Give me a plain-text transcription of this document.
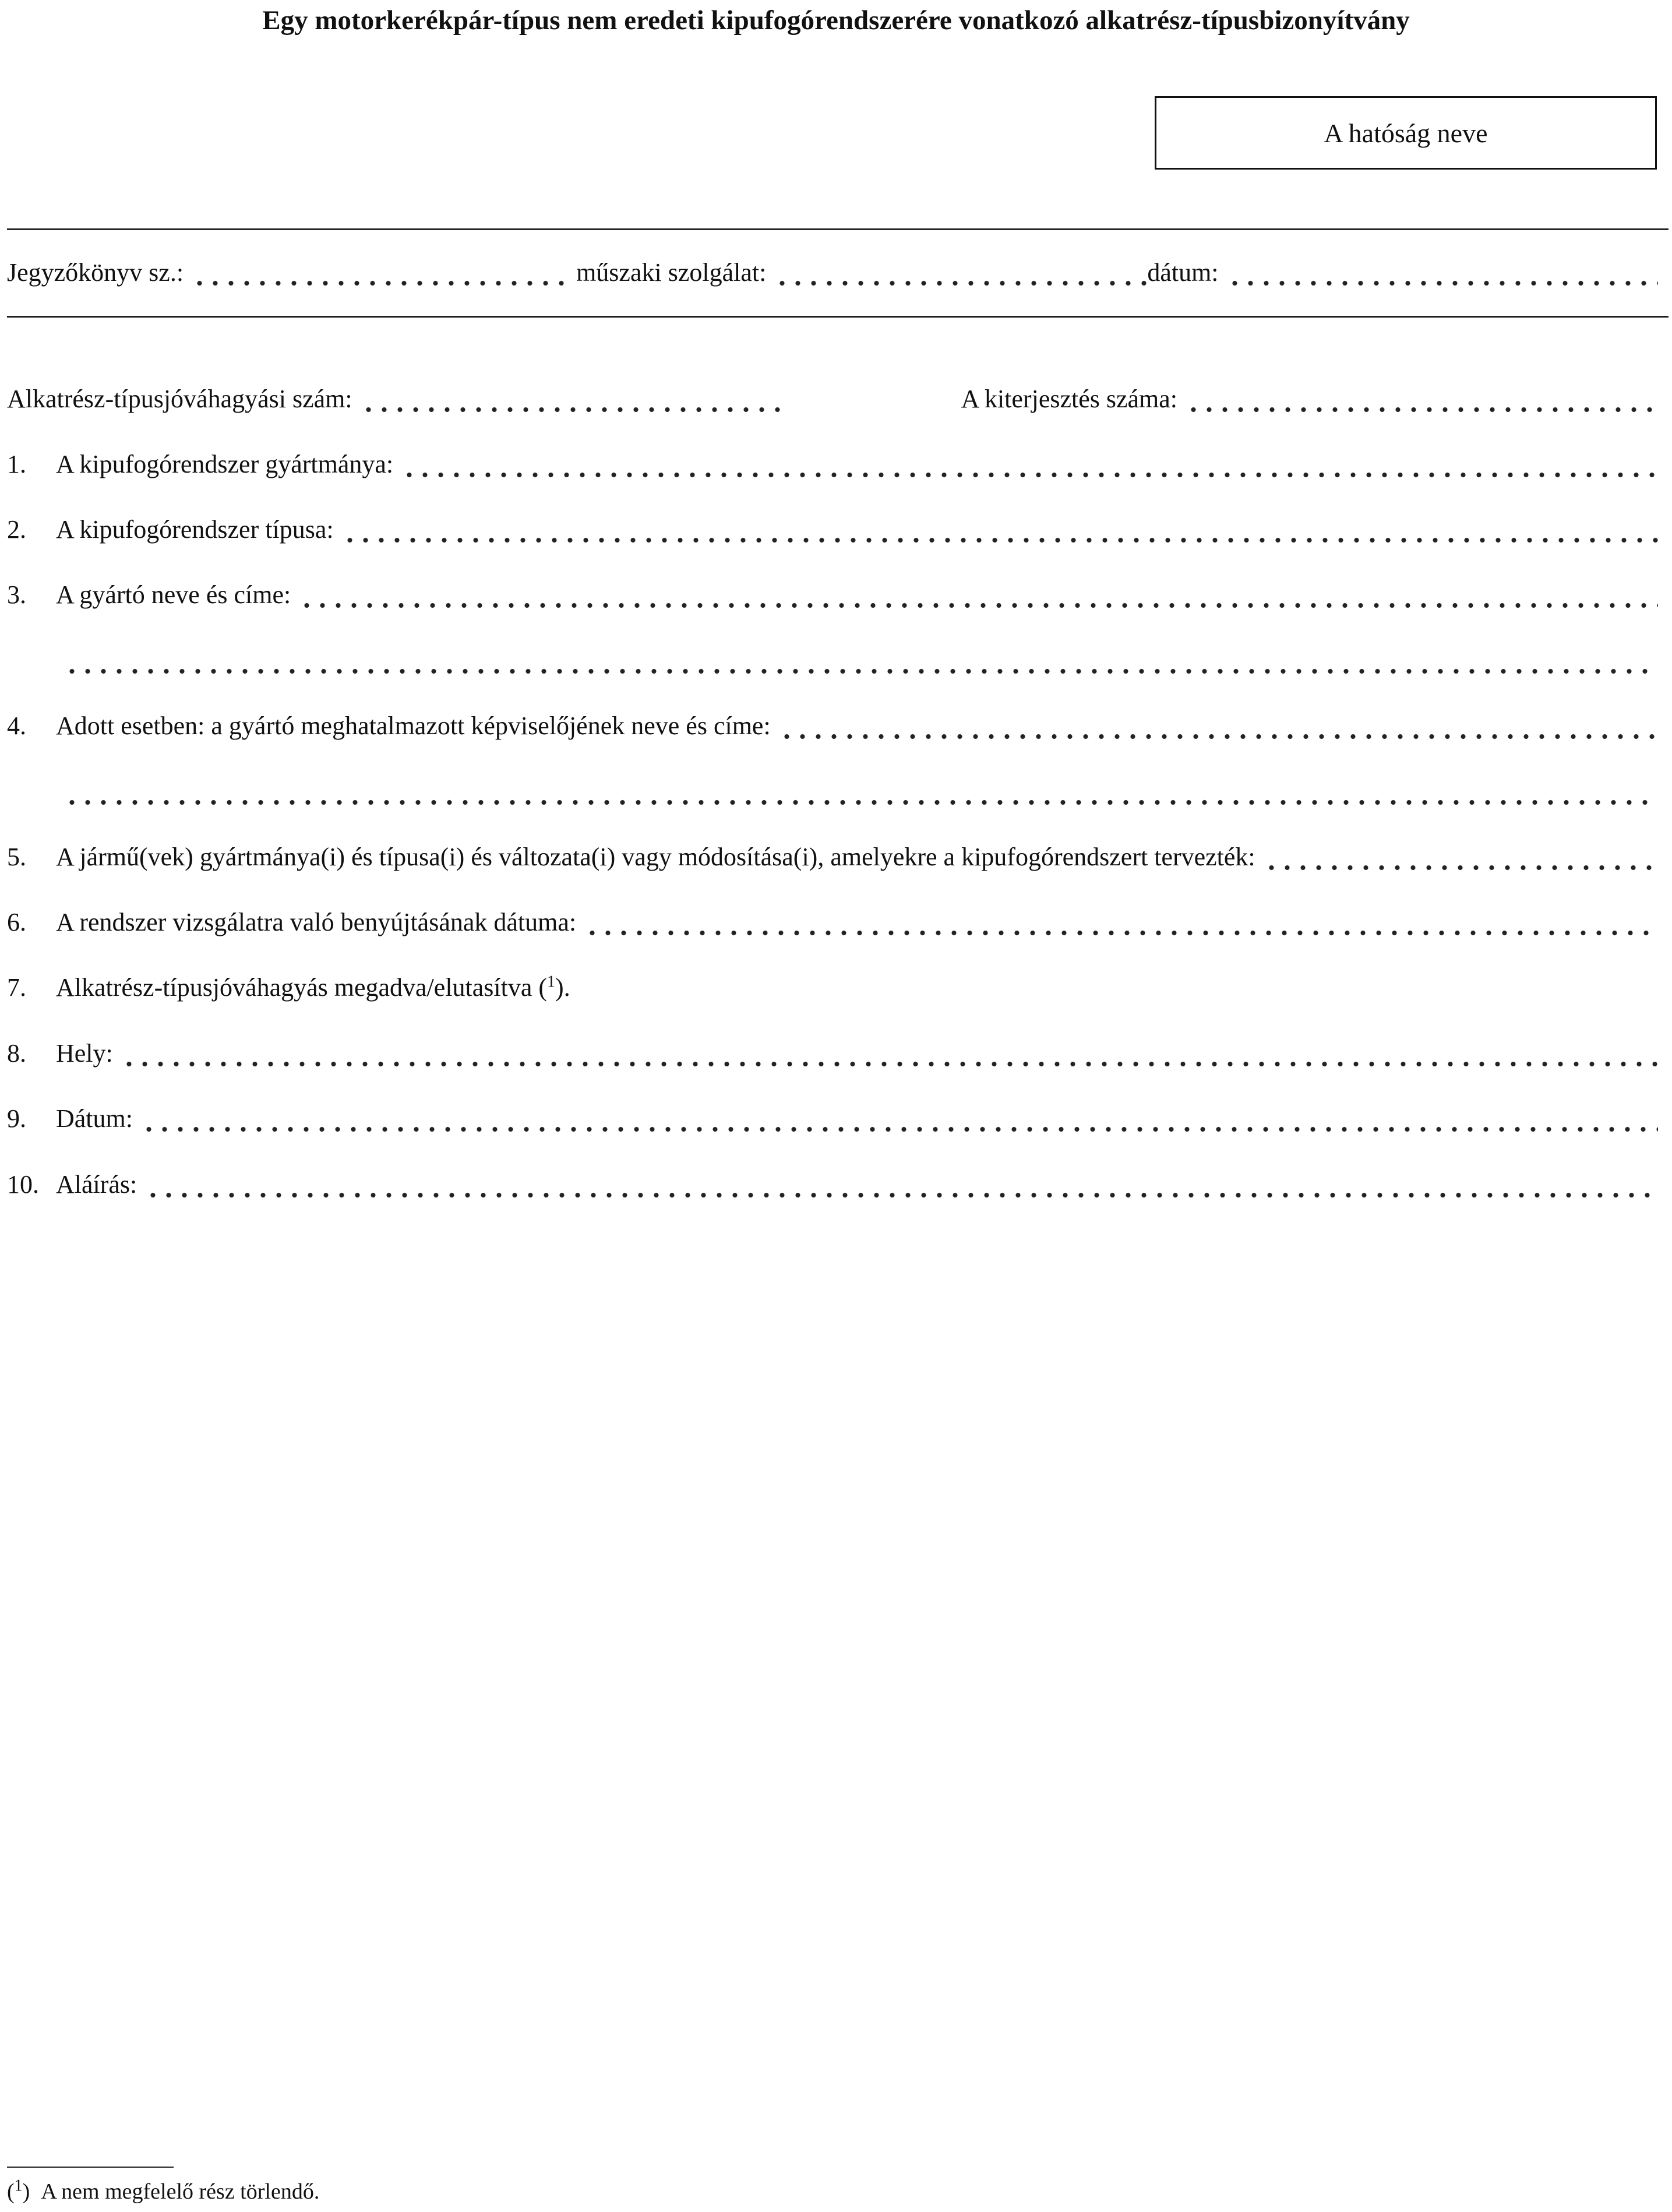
Egy motorkerékpár-típus nem eredeti kipufogórendszerére vonatkozó alkatrész-típusbizonyítvány
A hatóság neve
Jegyzőkönyv sz.:	műszaki szolgálat:	dátum:
Alkatrész-típusjóváhagyási szám:	A kiterjesztés száma:
1.	A kipufogórendszer gyártmánya:
2.	A kipufogórendszer típusa:
3.	A gyártó neve és címe:
4.	Adott esetben: a gyártó meghatalmazott képviselőjének neve és címe:
5.	A jármű(vek) gyártmánya(i) és típusa(i) és változata(i) vagy módosítása(i), amelyekre a kipufogórendszert tervezték:
6.	A rendszer vizsgálatra való benyújtásának dátuma:
7.	Alkatrész-típusjóváhagyás megadva/elutasítva ($^1$).
8.	Hely:
9.	Dátum:
10. Aláírás:
($^1$) A nem megfelelő rész törlendő.
